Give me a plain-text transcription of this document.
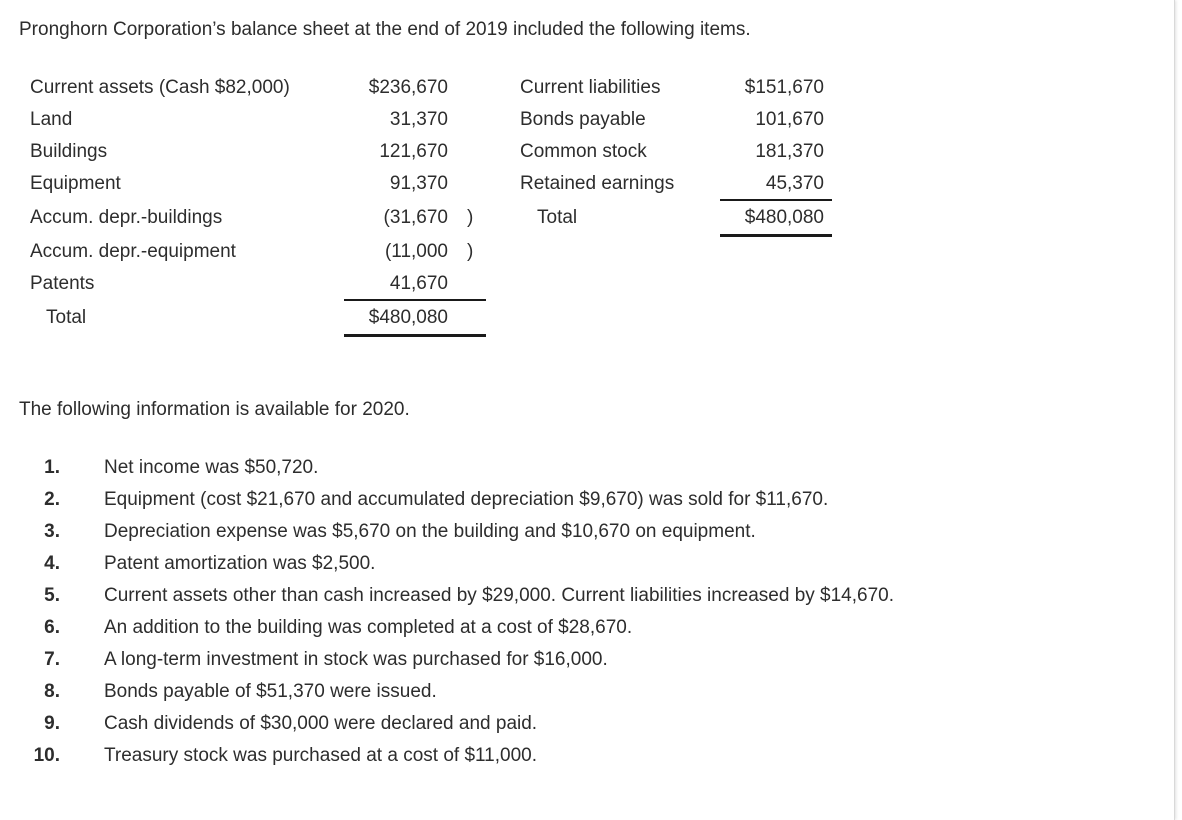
Pronghorn Corporation’s balance sheet at the end of 2019 included the following items.
Current assets (Cash $82,000)	$236,670
Land	31,370
Buildings	121,670
Equipment	91,370
Accum. depr.-buildings	(31,670 )
Accum. depr.-equipment	(11,000 )
Patents	41,670
Total	$480,080
Current liabilities	$151,670
Bonds payable	101,670
Common stock	181,370
Retained earnings	45,370
Total	$480,080
The following information is available for 2020.
1. Net income was $50,720.
2. Equipment (cost $21,670 and accumulated depreciation $9,670) was sold for $11,670.
3. Depreciation expense was $5,670 on the building and $10,670 on equipment.
4. Patent amortization was $2,500.
5. Current assets other than cash increased by $29,000. Current liabilities increased by $14,670.
6. An addition to the building was completed at a cost of $28,670.
7. A long-term investment in stock was purchased for $16,000.
8. Bonds payable of $51,370 were issued.
9. Cash dividends of $30,000 were declared and paid.
10. Treasury stock was purchased at a cost of $11,000.
